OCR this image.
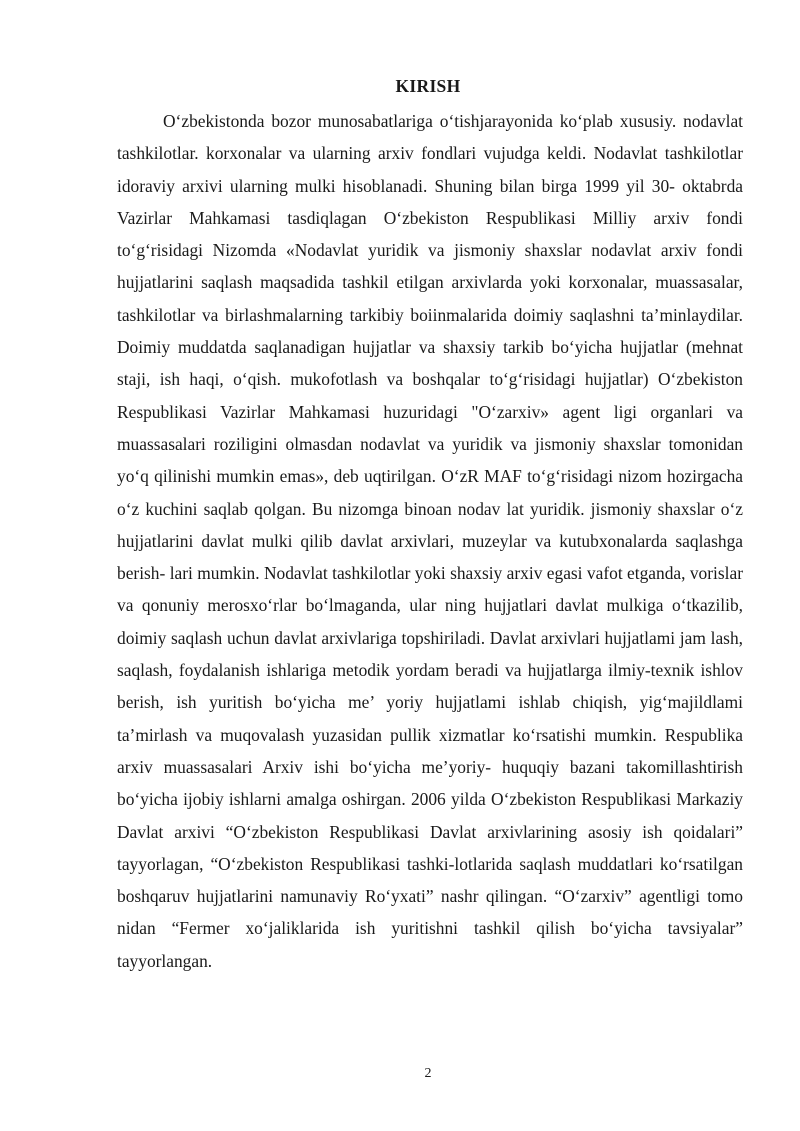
KIRISH

O‘zbekistonda bozor munosabatlariga o‘tishjarayonida ko‘plab xususiy. nodavlat tashkilotlar. korxonalar va ularning arxiv fondlari vujudga keldi. Nodavlat tashkilotlar idoraviy arxivi ularning mulki hisoblanadi. Shuning bilan birga 1999 yil 30- oktabrda Vazirlar Mahkamasi tasdiqlagan O‘zbekiston Respublikasi Milliy arxiv fondi to‘g‘risidagi Nizomda «Nodavlat yuridik va jismoniy shaxslar nodavlat arxiv fondi hujjatlarini saqlash maqsadida tashkil etilgan arxivlarda yoki korxonalar, muassasalar, tashkilotlar va birlashmalarning tarkibiy boiinmalarida doimiy saqlashni ta’minlaydilar. Doimiy muddatda saqlanadigan hujjatlar va shaxsiy tarkib bo‘yicha hujjatlar (mehnat staji, ish haqi, o‘qish. mukofotlash va boshqalar to‘g‘risidagi hujjatlar) O‘zbekiston Respublikasi Vazirlar Mahkamasi huzuridagi "O‘zarxiv» agent ligi organlari va muassasalari roziligini olmasdan nodavlat va yuridik va jismoniy shaxslar tomonidan yo‘q qilinishi mumkin emas», deb uqtirilgan. O‘zR MAF to‘g‘risidagi nizom hozirgacha o‘z kuchini saqlab qolgan. Bu nizomga binoan nodav lat yuridik. jismoniy shaxslar o‘z hujjatlarini davlat mulki qilib davlat arxivlari, muzeylar va kutubxonalarda saqlashga berish- lari mumkin. Nodavlat tashkilotlar yoki shaxsiy arxiv egasi vafot etganda, vorislar va qonuniy merosxo‘rlar bo‘lmaganda, ular ning hujjatlari davlat mulkiga o‘tkazilib, doimiy saqlash uchun davlat arxivlariga topshiriladi. Davlat arxivlari hujjatlami jam lash, saqlash, foydalanish ishlariga metodik yordam beradi va hujjatlarga ilmiy-texnik ishlov berish, ish yuritish bo‘yicha me’ yoriy hujjatlami ishlab chiqish, yig‘majildlami ta’mirlash va muqovalash yuzasidan pullik xizmatlar ko‘rsatishi mumkin. Respublika arxiv muassasalari Arxiv ishi bo‘yicha me’yoriy- huquqiy bazani takomillashtirish bo‘yicha ijobiy ishlarni amalga oshirgan. 2006 yilda O‘zbekiston Respublikasi Markaziy Davlat arxivi “O‘zbekiston Respublikasi Davlat arxivlarining asosiy ish qoidalari” tayyorlagan, “O‘zbekiston Respublikasi tashki-lotlarida saqlash muddatlari ko‘rsatilgan boshqaruv hujjatlarini namunaviy Ro‘yxati” nashr qilingan. “O‘zarxiv” agentligi tomo nidan “Fermer xo‘jaliklarida ish yuritishni tashkil qilish bo‘yicha tavsiyalar” tayyorlangan.

2
